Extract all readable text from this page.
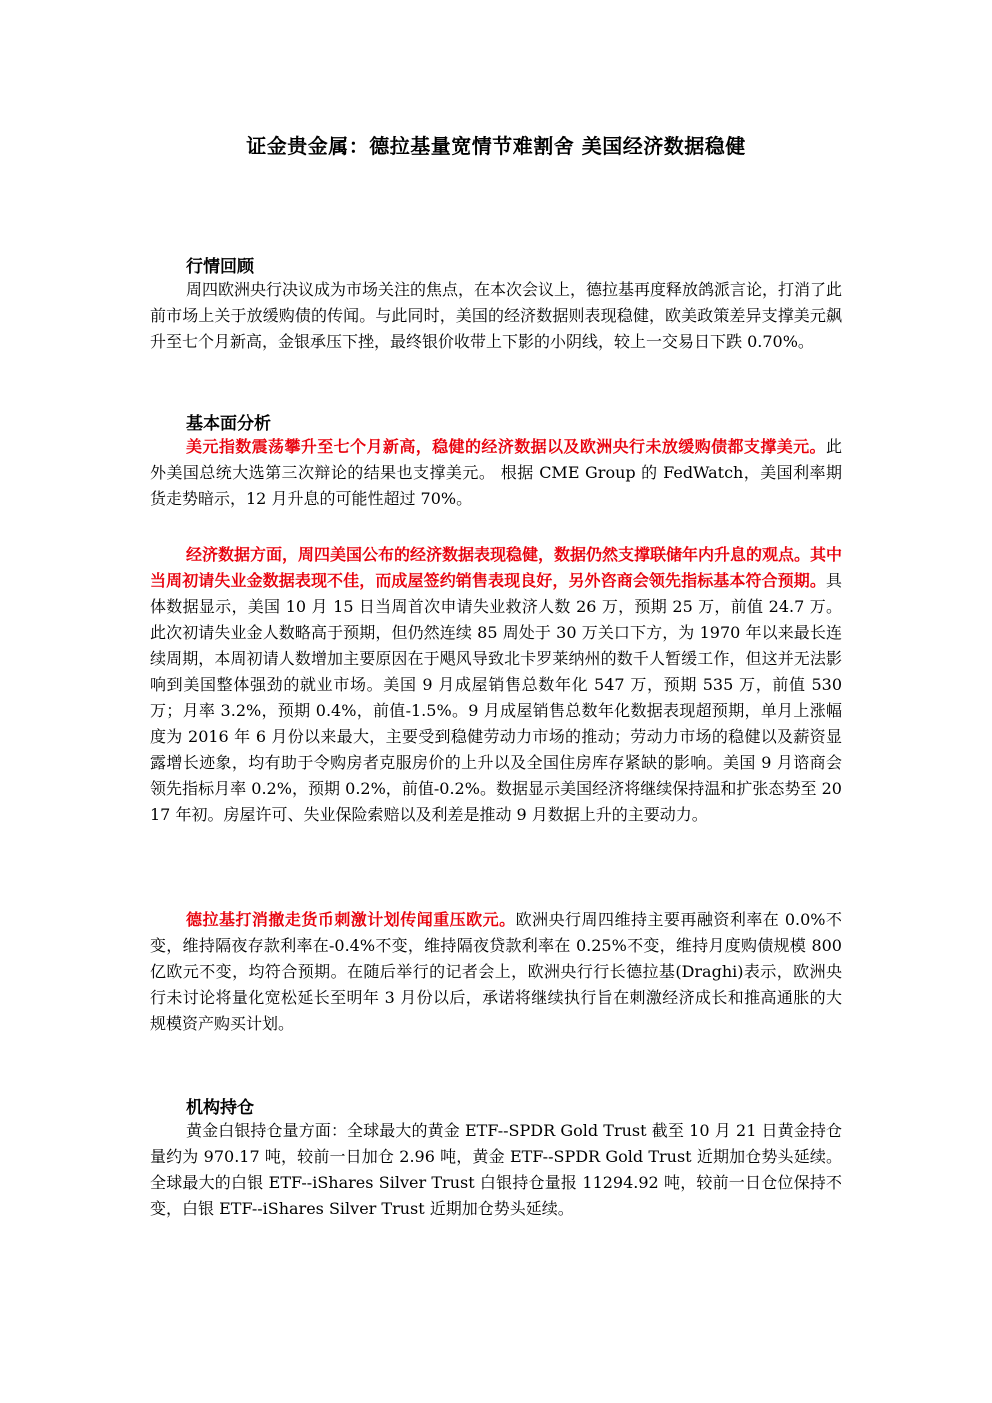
证金贵金属：德拉基量宽情节难割舍 美国经济数据稳健
行情回顾
周四欧洲央行决议成为市场关注的焦点，在本次会议上，德拉基再度释放鸽派言论，打消了此前市场上关于放缓购债的传闻。与此同时，美国的经济数据则表现稳健，欧美政策差异支撑美元飙升至七个月新高，金银承压下挫，最终银价收带上下影的小阴线，较上一交易日下跌 0.70%。
基本面分析
美元指数震荡攀升至七个月新高，稳健的经济数据以及欧洲央行未放缓购债都支撑美元。此外美国总统大选第三次辩论的结果也支撑美元。 根据 CME Group 的 FedWatch，美国利率期货走势暗示，12 月升息的可能性超过 70%。
经济数据方面，周四美国公布的经济数据表现稳健，数据仍然支撑联储年内升息的观点。其中当周初请失业金数据表现不佳，而成屋签约销售表现良好，另外咨商会领先指标基本符合预期。具体数据显示，美国 10 月 15 日当周首次申请失业救济人数 26 万，预期 25 万，前值 24.7 万。此次初请失业金人数略高于预期，但仍然连续 85 周处于 30 万关口下方，为 1970 年以来最长连续周期，本周初请人数增加主要原因在于飓风导致北卡罗莱纳州的数千人暂缓工作，但这并无法影响到美国整体强劲的就业市场。美国 9 月成屋销售总数年化 547 万，预期 535 万，前值 530 万；月率 3.2%，预期 0.4%，前值-1.5%。9 月成屋销售总数年化数据表现超预期，单月上涨幅度为 2016 年 6 月份以来最大，主要受到稳健劳动力市场的推动；劳动力市场的稳健以及薪资显露增长迹象，均有助于令购房者克服房价的上升以及全国住房库存紧缺的影响。美国 9 月谘商会领先指标月率 0.2%，预期 0.2%，前值-0.2%。数据显示美国经济将继续保持温和扩张态势至 2017 年初。房屋许可、失业保险索赔以及利差是推动 9 月数据上升的主要动力。
德拉基打消撤走货币刺激计划传闻重压欧元。欧洲央行周四维持主要再融资利率在 0.0%不变，维持隔夜存款利率在-0.4%不变，维持隔夜贷款利率在 0.25%不变，维持月度购债规模 800 亿欧元不变，均符合预期。在随后举行的记者会上，欧洲央行行长德拉基(Draghi)表示，欧洲央行未讨论将量化宽松延长至明年 3 月份以后，承诺将继续执行旨在刺激经济成长和推高通胀的大规模资产购买计划。
机构持仓
黄金白银持仓量方面：全球最大的黄金 ETF--SPDR Gold Trust 截至 10 月 21 日黄金持仓量约为 970.17 吨，较前一日加仓 2.96 吨，黄金 ETF--SPDR Gold Trust 近期加仓势头延续。全球最大的白银 ETF--iShares Silver Trust 白银持仓量报 11294.92 吨，较前一日仓位保持不变，白银 ETF--iShares Silver Trust 近期加仓势头延续。
